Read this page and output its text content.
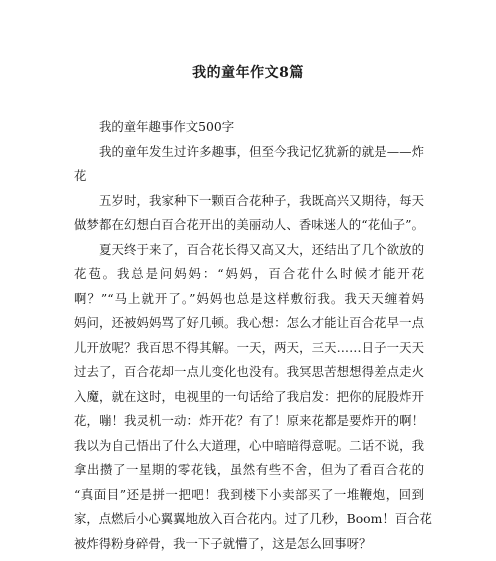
我的童年作文8篇
我的童年趣事作文500字
我的童年发生过许多趣事，但至今我记忆犹新的就是——炸
花
五岁时，我家种下一颗百合花种子，我既高兴又期待，每天
做梦都在幻想白百合花开出的美丽动人、香味迷人的“花仙子”。
夏天终于来了，百合花长得又高又大，还结出了几个欲放的
花苞。我总是问妈妈：“妈妈，百合花什么时候才能开花
啊？”“马上就开了。”妈妈也总是这样敷衍我。我天天缠着妈
妈问，还被妈妈骂了好几顿。我心想：怎么才能让百合花早一点
儿开放呢？我百思不得其解。一天，两天，三天……日子一天天
过去了，百合花却一点儿变化也没有。我冥思苦想想得差点走火
入魔，就在这时，电视里的一句话给了我启发：把你的屁股炸开
花，嘣！我灵机一动：炸开花？有了！原来花都是要炸开的啊！
我以为自己悟出了什么大道理，心中暗暗得意呢。二话不说，我
拿出攒了一星期的零花钱，虽然有些不舍，但为了看百合花的
“真面目”还是拼一把吧！我到楼下小卖部买了一堆鞭炮，回到
家，点燃后小心翼翼地放入百合花内。过了几秒，Boom！百合花
被炸得粉身碎骨，我一下子就懵了，这是怎么回事呀？
